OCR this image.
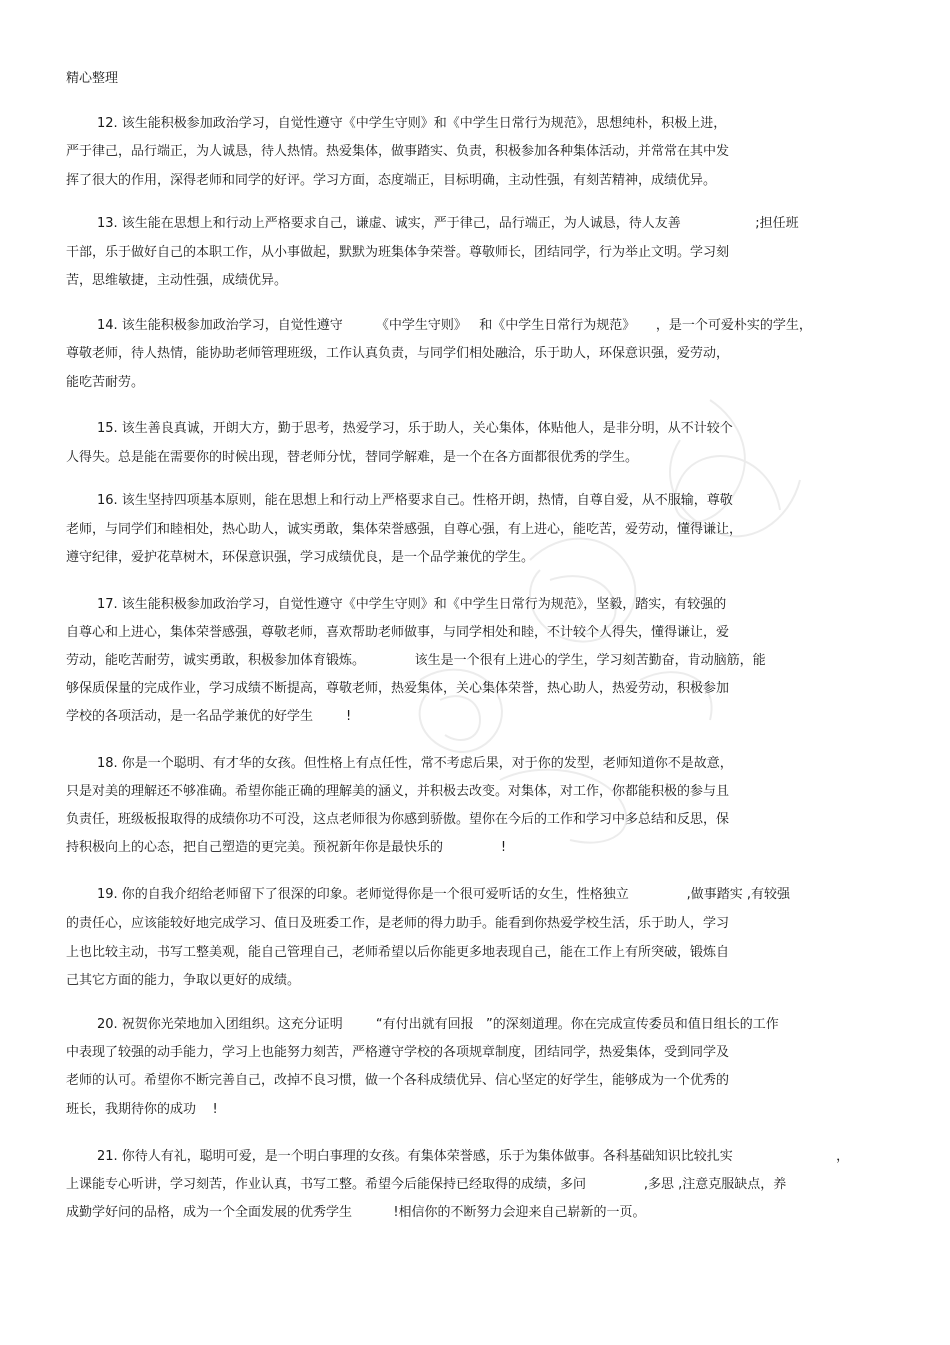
精心整理
12. 该生能积极参加政治学习，自觉性遵守《中学生守则》和《中学生日常行为规范》，思想纯朴，积极上进，
严于律己，品行端正，为人诚恳，待人热情。热爱集体，做事踏实、负责，积极参加各种集体活动，并常常在其中发
挥了很大的作用，深得老师和同学的好评。学习方面，态度端正，目标明确，主动性强，有刻苦精神，成绩优异。
13. 该生能在思想上和行动上严格要求自己，谦虚、诚实，严于律己，品行端正，为人诚恳，待人友善                  ;担任班
干部，乐于做好自己的本职工作，从小事做起，默默为班集体争荣誉。尊敬师长，团结同学，行为举止文明。学习刻
苦，思维敏捷，主动性强，成绩优异。
14. 该生能积极参加政治学习，自觉性遵守        《中学生守则》   和《中学生日常行为规范》     ，是一个可爱朴实的学生，
尊敬老师，待人热情，能协助老师管理班级，工作认真负责，与同学们相处融洽，乐于助人，环保意识强，爱劳动，
能吃苦耐劳。
15. 该生善良真诚，开朗大方，勤于思考，热爱学习，乐于助人，关心集体，体贴他人，是非分明，从不计较个
人得失。总是能在需要你的时候出现，替老师分忧，替同学解难，是一个在各方面都很优秀的学生。
16. 该生坚持四项基本原则，能在思想上和行动上严格要求自己。性格开朗，热情，自尊自爱，从不服输，尊敬
老师，与同学们和睦相处，热心助人，诚实勇敢，集体荣誉感强，自尊心强，有上进心，能吃苦，爱劳动，懂得谦让，
遵守纪律，爱护花草树木，环保意识强，学习成绩优良，是一个品学兼优的学生。
17. 该生能积极参加政治学习，自觉性遵守《中学生守则》和《中学生日常行为规范》，坚毅，踏实，有较强的
自尊心和上进心，集体荣誉感强，尊敬老师，喜欢帮助老师做事，与同学相处和睦，不计较个人得失，懂得谦让，爱
劳动，能吃苦耐劳，诚实勇敢，积极参加体育锻炼。            该生是一个很有上进心的学生，学习刻苦勤奋，肯动脑筋，能
够保质保量的完成作业，学习成绩不断提高，尊敬老师，热爱集体，关心集体荣誉，热心助人，热爱劳动，积极参加
学校的各项活动，是一名品学兼优的好学生        !
18. 你是一个聪明、有才华的女孩。但性格上有点任性，常不考虑后果，对于你的发型，老师知道你不是故意，
只是对美的理解还不够准确。希望你能正确的理解美的涵义，并积极去改变。对集体，对工作，你都能积极的参与且
负责任，班级板报取得的成绩你功不可没，这点老师很为你感到骄傲。望你在今后的工作和学习中多总结和反思，保
持积极向上的心态，把自己塑造的更完美。预祝新年你是最快乐的              !
19. 你的自我介绍给老师留下了很深的印象。老师觉得你是一个很可爱听话的女生，性格独立              ,做事踏实 ,有较强
的责任心，应该能较好地完成学习、值日及班委工作，是老师的得力助手。能看到你热爱学校生活，乐于助人，学习
上也比较主动，书写工整美观，能自己管理自己，老师希望以后你能更多地表现自己，能在工作上有所突破，锻炼自
己其它方面的能力，争取以更好的成绩。
20. 祝贺你光荣地加入团组织。这充分证明        “有付出就有回报   ”的深刻道理。你在完成宣传委员和值日组长的工作
中表现了较强的动手能力，学习上也能努力刻苦，严格遵守学校的各项规章制度，团结同学，热爱集体，受到同学及
老师的认可。希望你不断完善自己，改掉不良习惯，做一个各科成绩优异、信心坚定的好学生，能够成为一个优秀的
班长，我期待你的成功    !
21. 你待人有礼，聪明可爱，是一个明白事理的女孩。有集体荣誉感，乐于为集体做事。各科基础知识比较扎实                         ，
上课能专心听讲，学习刻苦，作业认真，书写工整。希望今后能保持已经取得的成绩，多问              ,多思 ,注意克服缺点，养
成勤学好问的品格，成为一个全面发展的优秀学生          !相信你的不断努力会迎来自己崭新的一页。
